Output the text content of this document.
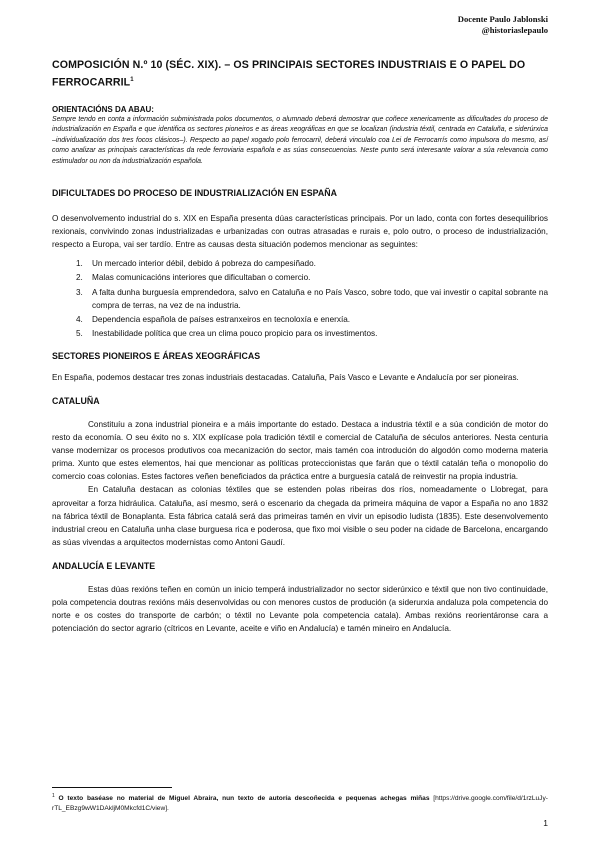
Docente Paulo Jablonski
@historiaslepaulo
COMPOSICIÓN N.º 10 (SÉC. XIX). – OS PRINCIPAIS SECTORES INDUSTRIAIS E O PAPEL DO FERROCARRIL$^1$
ORIENTACIÓNS DA ABAU:
Sempre tendo en conta a información subministrada polos documentos, o alumnado deberá demostrar que coñece xenericamente as dificultades do proceso de industrialización en España e que identifica os sectores pioneiros e as áreas xeográficas en que se localizan (industria téxtil, centrada en Cataluña, e siderúrxica –individualización dos tres focos clásicos–). Respecto ao papel xogado polo ferrocarril, deberá vinculalo coa Lei de Ferrocarrís como impulsora do mesmo, así como analizar as principais características da rede ferroviaria española e as súas consecuencias. Neste punto será interesante valorar a súa relevancia como estimulador ou non da industrialización española.
DIFICULTADES DO PROCESO DE INDUSTRIALIZACIÓN EN ESPAÑA

O desenvolvemento industrial do s. XIX en España presenta dúas características principais. Por un lado, conta con fortes desequilibrios rexionais, convivindo zonas industrializadas e urbanizadas con outras atrasadas e rurais e, polo outro, o proceso de industrialización, respecto a Europa, vai ser tardío. Entre as causas desta situación podemos mencionar as seguintes:

1. Un mercado interior débil, debido á pobreza do campesiñado.
2. Malas comunicacións interiores que dificultaban o comercio.
3. A falta dunha burguesía emprendedora, salvo en Cataluña e no País Vasco, sobre todo, que vai investir o capital sobrante na compra de terras, na vez de na industria.
4. Dependencia española de países estranxeiros en tecnoloxía e enerxía.
5. Inestabilidade política que crea un clima pouco propicio para os investimentos.
SECTORES PIONEIROS E ÁREAS XEOGRÁFICAS

En España, podemos destacar tres zonas industriais destacadas. Cataluña, País Vasco e Levante e Andalucía por ser pioneiras.

CATALUÑA

Constituíu a zona industrial pioneira e a máis importante do estado. Destaca a industria téxtil e a súa condición de motor do resto da economía. O seu éxito no s. XIX explícase pola tradición téxtil e comercial de Cataluña de séculos anteriores. Nesta centuria vanse modernizar os procesos produtivos coa mecanización do sector, mais tamén coa introdución do algodón como moderna materia prima. Xunto que estes elementos, hai que mencionar as políticas proteccionistas que farán que o téxtil catalán teña o monopolio do comercio coas colonias. Estes factores veñen beneficiados da práctica entre a burguesía catalá de reinvestir na propia industria.

En Cataluña destacan as colonias téxtiles que se estenden polas ribeiras dos ríos, nomeadamente o Llobregat, para aproveitar a forza hidráulica. Cataluña, así mesmo, será o escenario da chegada da primeira máquina de vapor a España no ano 1832 na fábrica téxtil de Bonaplanta. Esta fábrica catalá será das primeiras tamén en vivir un episodio ludista (1835). Este desenvolvemento industrial creou en Cataluña unha clase burguesa rica e poderosa, que fixo moi visible o seu poder na cidade de Barcelona, encargando as súas vivendas a arquitectos modernistas como Antoni Gaudí.

ANDALUCÍA E LEVANTE

Estas dúas rexións teñen en común un inicio temperá industrializador no sector siderúrxico e téxtil que non tivo continuidade, pola competencia doutras rexións máis desenvolvidas ou con menores custos de produción (a siderurxia andaluza pola competencia do norte e os costes do transporte de carbón; o téxtil no Levante pola competencia catala). Ambas rexións reorientáronse cara a potenciación do sector agrario (cítricos en Levante, aceite e viño en Andalucía) e tamén mineiro en Andalucía.

$^1$ O texto baséase no material de Miguel Abraira, nun texto de autoría descoñecida e pequenas achegas miñas [https://drive.google.com/file/d/1rzLuJy-rTL_EBzg9wW1DAkljM0Mkcfd1C/view].
1
